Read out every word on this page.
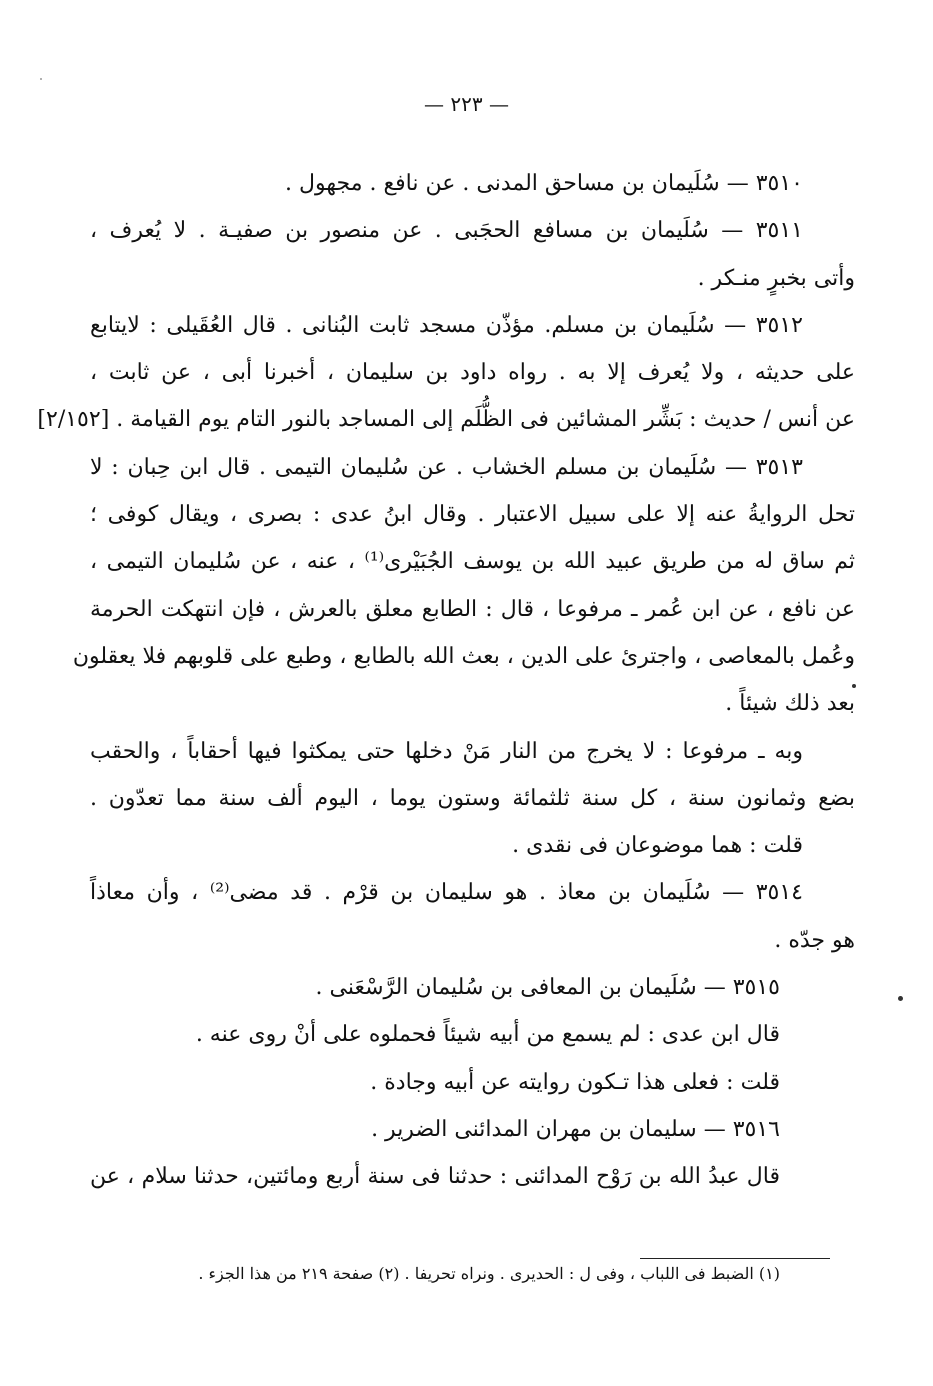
— ٢٢٣ —
٣٥١٠ — سُلَيمان بن مساحق المدنى . عن نافع . مجهول .
٣٥١١ — سُلَيمان بن مسافع الحجَبى . عن منصور بن صفيـة . لا يُعرف ،
وأتى بخبرٍ منـكر .
٣٥١٢ — سُلَيمان بن مسلم. مؤذّن مسجد ثابت البُنانى . قال العُقَيلى : لايتابع
على حديثه ، ولا يُعرف إلا به . رواه داود بن سليمان ، أخبرنا أبى ، عن ثابت ،
عن أنس / حديث : بَشِّر المشائين فى الظُّلَم إلى المساجد بالنور التام يوم القيامة . [٢/١٥٢]
٣٥١٣ — سُلَيمان بن مسلم الخشاب . عن سُليمان التيمى . قال ابن حِبان : لا
تحل الروايةُ عنه إلا على سبيل الاعتبار . وقال ابنُ عدى : بصرى ، ويقال كوفى ؛
ثم ساق له من طريق عبيد الله بن يوسف الجُبَيْرى⁽¹⁾ ، عنه ، عن سُليمان التيمى ،
عن نافع ، عن ابن عُمر ـ مرفوعا ، قال : الطابع معلق بالعرش ، فإن انتهكت الحرمة
وعُمل بالمعاصى ، واجترئ على الدين ، بعث الله بالطابع ، وطبع على قلوبهم فلا يعقلون
بعد ذلك شيئاً .
وبه ـ مرفوعا : لا يخرج من النار مَنْ دخلها حتى يمكثوا فيها أحقاباً ، والحقب
بضع وثمانون سنة ، كل سنة ثلثمائة وستون يوما ، اليوم ألف سنة مما تعدّون .
قلت : هما موضوعان فى نقدى .
٣٥١٤ — سُلَيمان بن معاذ . هو سليمان بن قرْم . قد مضى⁽²⁾ ، وأن معاذاً
هو جدّه .
٣٥١٥ — سُلَيمان بن المعافى بن سُليمان الرَّسْعَنى .
قال ابن عدى : لم يسمع من أبيه شيئاً فحملوه على أنْ روى عنه .
قلت : فعلى هذا تـكون روايته عن أبيه وجادة .
٣٥١٦ — سليمان بن مهران المدائنى الضرير .
قال عبدُ الله بن رَوْح المدائنى : حدثنا فى سنة أربع ومائتين، حدثنا سلام ، عن
(١) الضبط فى اللباب ، وفى ل : الحديرى . ونراه تحريفا . (٢) صفحة ٢١٩ من هذا الجزء .
